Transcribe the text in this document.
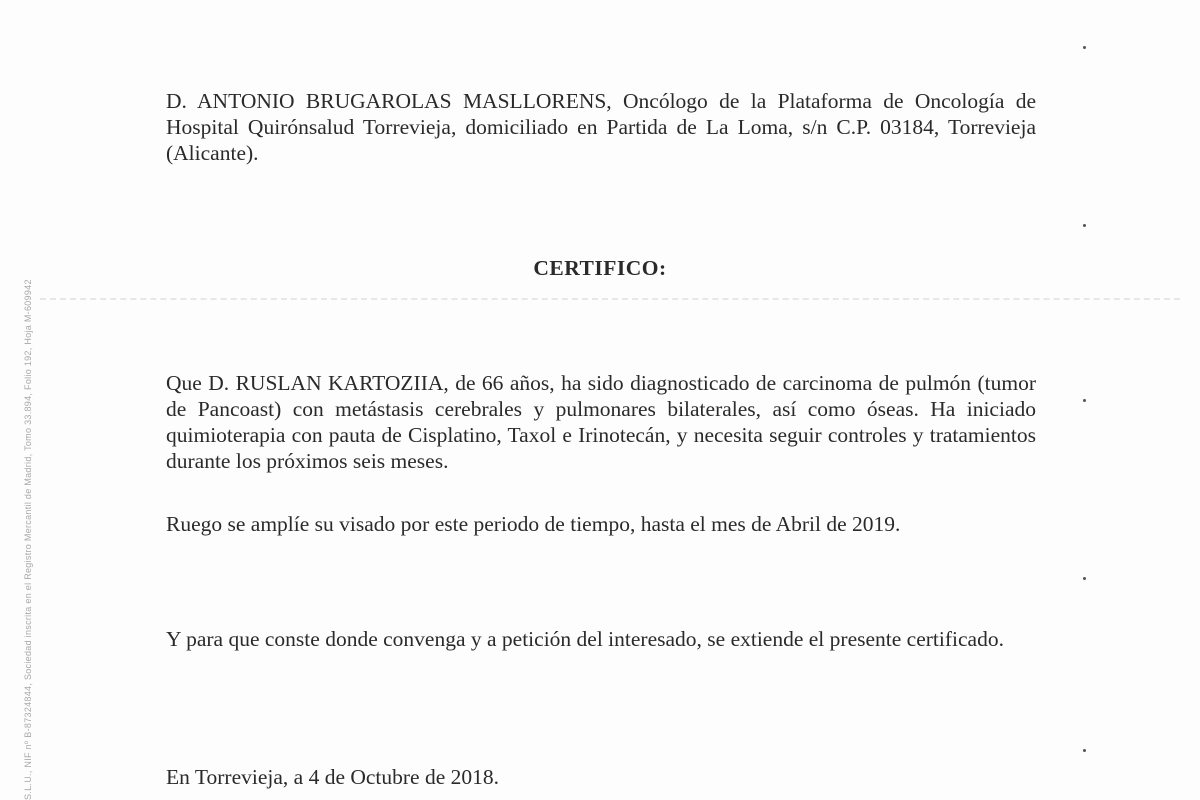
D. ANTONIO BRUGAROLAS MASLLORENS, Oncólogo de la Plataforma de Oncología de Hospital Quirónsalud Torrevieja, domiciliado en Partida de La Loma, s/n C.P. 03184, Torrevieja (Alicante).

CERTIFICO:

Que D. RUSLAN KARTOZIIA, de 66 años, ha sido diagnosticado de carcinoma de pulmón (tumor de Pancoast) con metástasis cerebrales y pulmonares bilaterales, así como óseas. Ha iniciado quimioterapia con pauta de Cisplatino, Taxol e Irinotecán, y necesita seguir controles y tratamientos durante los próximos seis meses.

Ruego se amplíe su visado por este periodo de tiempo, hasta el mes de Abril de 2019.

Y para que conste donde convenga y a petición del interesado, se extiende el presente certificado.

En Torrevieja, a 4 de Octubre de 2018.

S.L.U., NIF nº B-87324844, Sociedad inscrita en el Registro Mercantil de Madrid, Tomo 33.894, Folio 192, Hoja M-609942
